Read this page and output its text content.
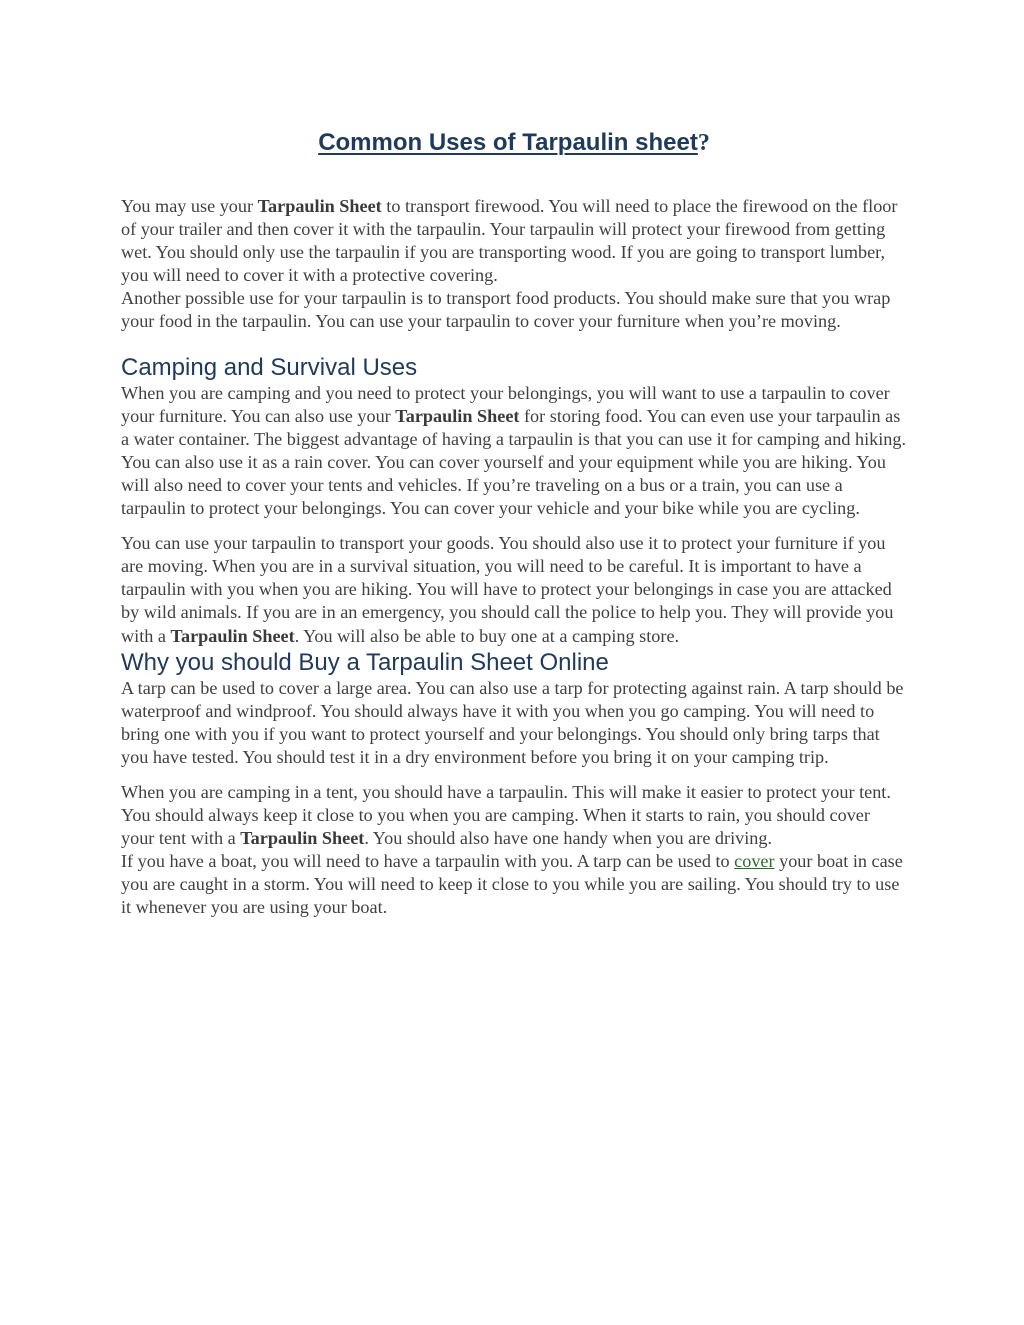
Common Uses of Tarpaulin sheet?

You may use your Tarpaulin Sheet to transport firewood. You will need to place the firewood on the floor of your trailer and then cover it with the tarpaulin. Your tarpaulin will protect your firewood from getting wet. You should only use the tarpaulin if you are transporting wood. If you are going to transport lumber, you will need to cover it with a protective covering.

Another possible use for your tarpaulin is to transport food products. You should make sure that you wrap your food in the tarpaulin. You can use your tarpaulin to cover your furniture when you’re moving.

Camping and Survival Uses

When you are camping and you need to protect your belongings, you will want to use a tarpaulin to cover your furniture. You can also use your Tarpaulin Sheet for storing food. You can even use your tarpaulin as a water container. The biggest advantage of having a tarpaulin is that you can use it for camping and hiking.

You can also use it as a rain cover. You can cover yourself and your equipment while you are hiking. You will also need to cover your tents and vehicles. If you’re traveling on a bus or a train, you can use a tarpaulin to protect your belongings. You can cover your vehicle and your bike while you are cycling.

You can use your tarpaulin to transport your goods. You should also use it to protect your furniture if you are moving. When you are in a survival situation, you will need to be careful. It is important to have a tarpaulin with you when you are hiking. You will have to protect your belongings in case you are attacked by wild animals. If you are in an emergency, you should call the police to help you. They will provide you with a Tarpaulin Sheet. You will also be able to buy one at a camping store.

Why you should Buy a Tarpaulin Sheet Online

A tarp can be used to cover a large area. You can also use a tarp for protecting against rain. A tarp should be waterproof and windproof. You should always have it with you when you go camping. You will need to bring one with you if you want to protect yourself and your belongings. You should only bring tarps that you have tested. You should test it in a dry environment before you bring it on your camping trip.

When you are camping in a tent, you should have a tarpaulin. This will make it easier to protect your tent. You should always keep it close to you when you are camping. When it starts to rain, you should cover your tent with a Tarpaulin Sheet. You should also have one handy when you are driving.

If you have a boat, you will need to have a tarpaulin with you. A tarp can be used to cover your boat in case you are caught in a storm. You will need to keep it close to you while you are sailing. You should try to use it whenever you are using your boat.
